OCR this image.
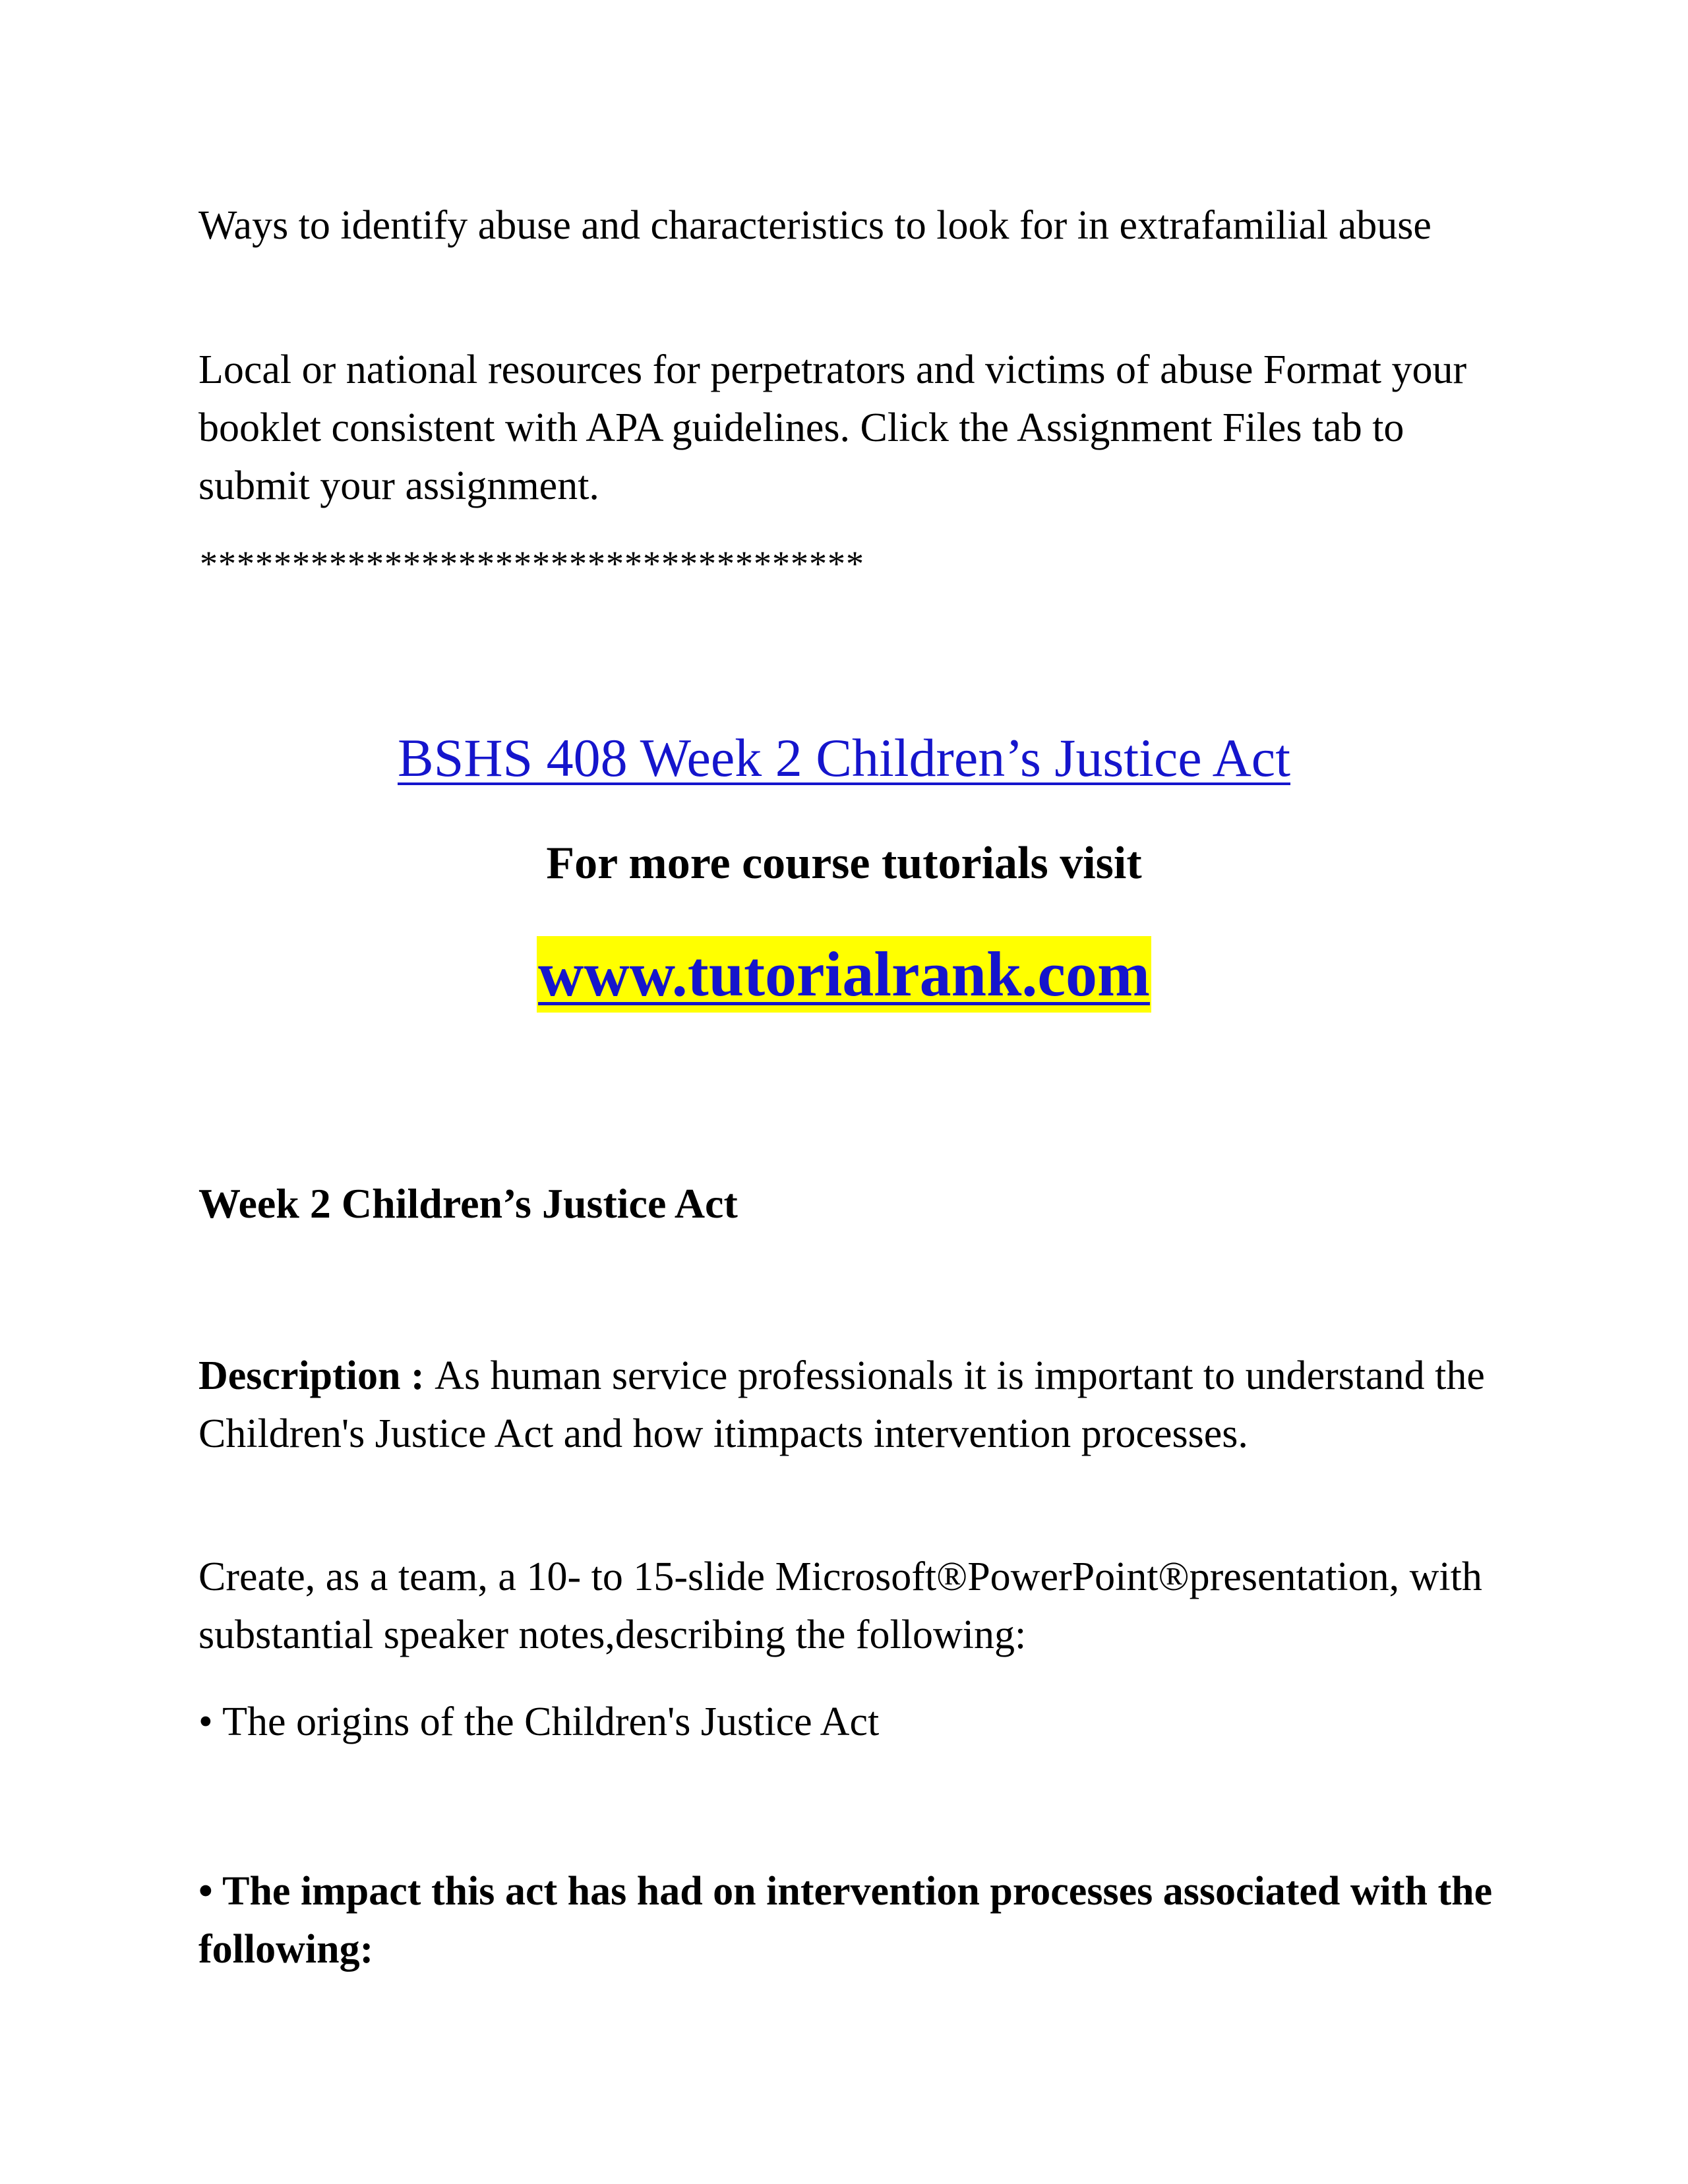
Ways to identify abuse and characteristics to look for in extrafamilial abuse

Local or national resources for perpetrators and victims of abuse Format your booklet consistent with APA guidelines. Click the Assignment Files tab to submit your assignment.

************************************

BSHS 408 Week 2 Children’s Justice Act

For more course tutorials visit

www.tutorialrank.com

Week 2 Children’s Justice Act

Description : As human service professionals it is important to understand the Children's Justice Act and how itimpacts intervention processes.

Create, as a team, a 10- to 15-slide Microsoft®PowerPoint®presentation, with substantial speaker notes,describing the following:

• The origins of the Children's Justice Act

• The impact this act has had on intervention processes associated with the following:
